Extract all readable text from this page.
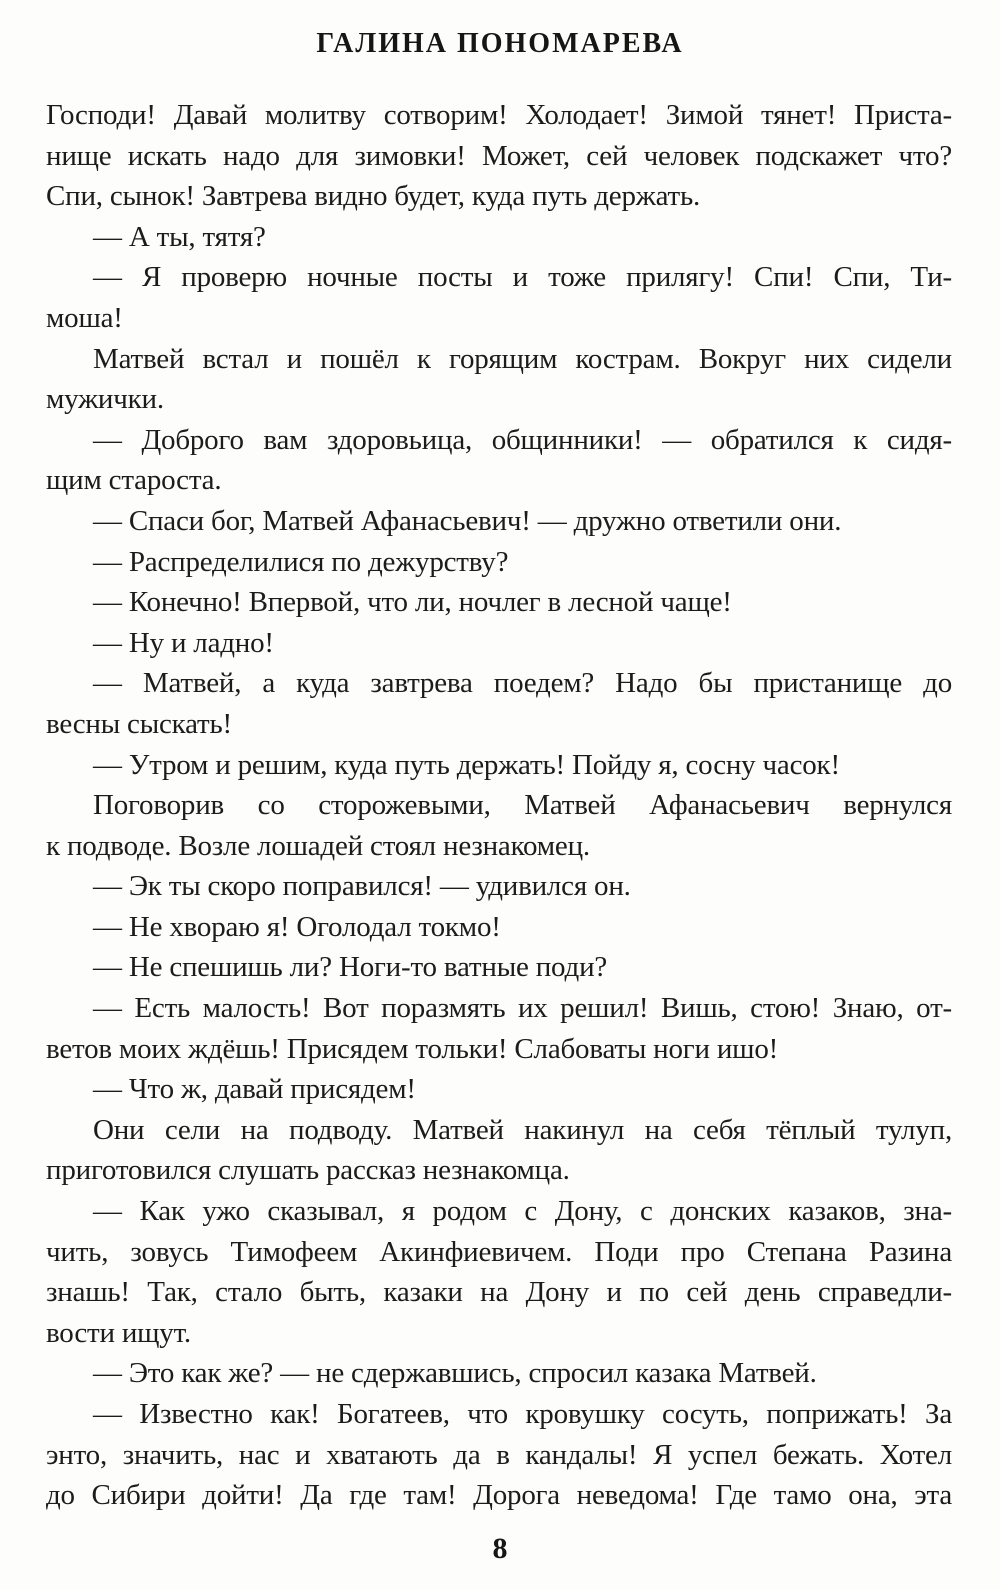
ГАЛИНА ПОНОМАРЕВА
Господи! Давай молитву сотворим! Холодает! Зимой тянет! Приста-
нище искать надо для зимовки! Может, сей человек подскажет что?
Спи, сынок! Завтрева видно будет, куда путь держать.
— А ты, тятя?
— Я проверю ночные посты и тоже прилягу! Спи! Спи, Ти-
моша!
Матвей встал и пошёл к горящим кострам. Вокруг них сидели
мужички.
— Доброго вам здоровьица, общинники! — обратился к сидя-
щим староста.
— Спаси бог, Матвей Афанасьевич! — дружно ответили они.
— Распределилися по дежурству?
— Конечно! Впервой, что ли, ночлег в лесной чаще!
— Ну и ладно!
— Матвей, а куда завтрева поедем? Надо бы пристанище до
весны сыскать!
— Утром и решим, куда путь держать! Пойду я, сосну часок!
Поговорив со сторожевыми, Матвей Афанасьевич вернулся
к подводе. Возле лошадей стоял незнакомец.
— Эк ты скоро поправился! — удивился он.
— Не хвораю я! Оголодал токмо!
— Не спешишь ли? Ноги-то ватные поди?
— Есть малость! Вот поразмять их решил! Вишь, стою! Знаю, от-
ветов моих ждёшь! Присядем тольки! Слабоваты ноги ишо!
— Что ж, давай присядем!
Они сели на подводу. Матвей накинул на себя тёплый тулуп,
приготовился слушать рассказ незнакомца.
— Как ужо сказывал, я родом с Дону, с донских казаков, зна-
чить, зовусь Тимофеем Акинфиевичем. Поди про Степана Разина
знашь! Так, стало быть, казаки на Дону и по сей день справедли-
вости ищут.
— Это как же? — не сдержавшись, спросил казака Матвей.
— Известно как! Богатеев, что кровушку сосуть, поприжать! За
энто, значить, нас и хватають да в кандалы! Я успел бежать. Хотел
до Сибири дойти! Да где там! Дорога неведома! Где тамо она, эта
8
